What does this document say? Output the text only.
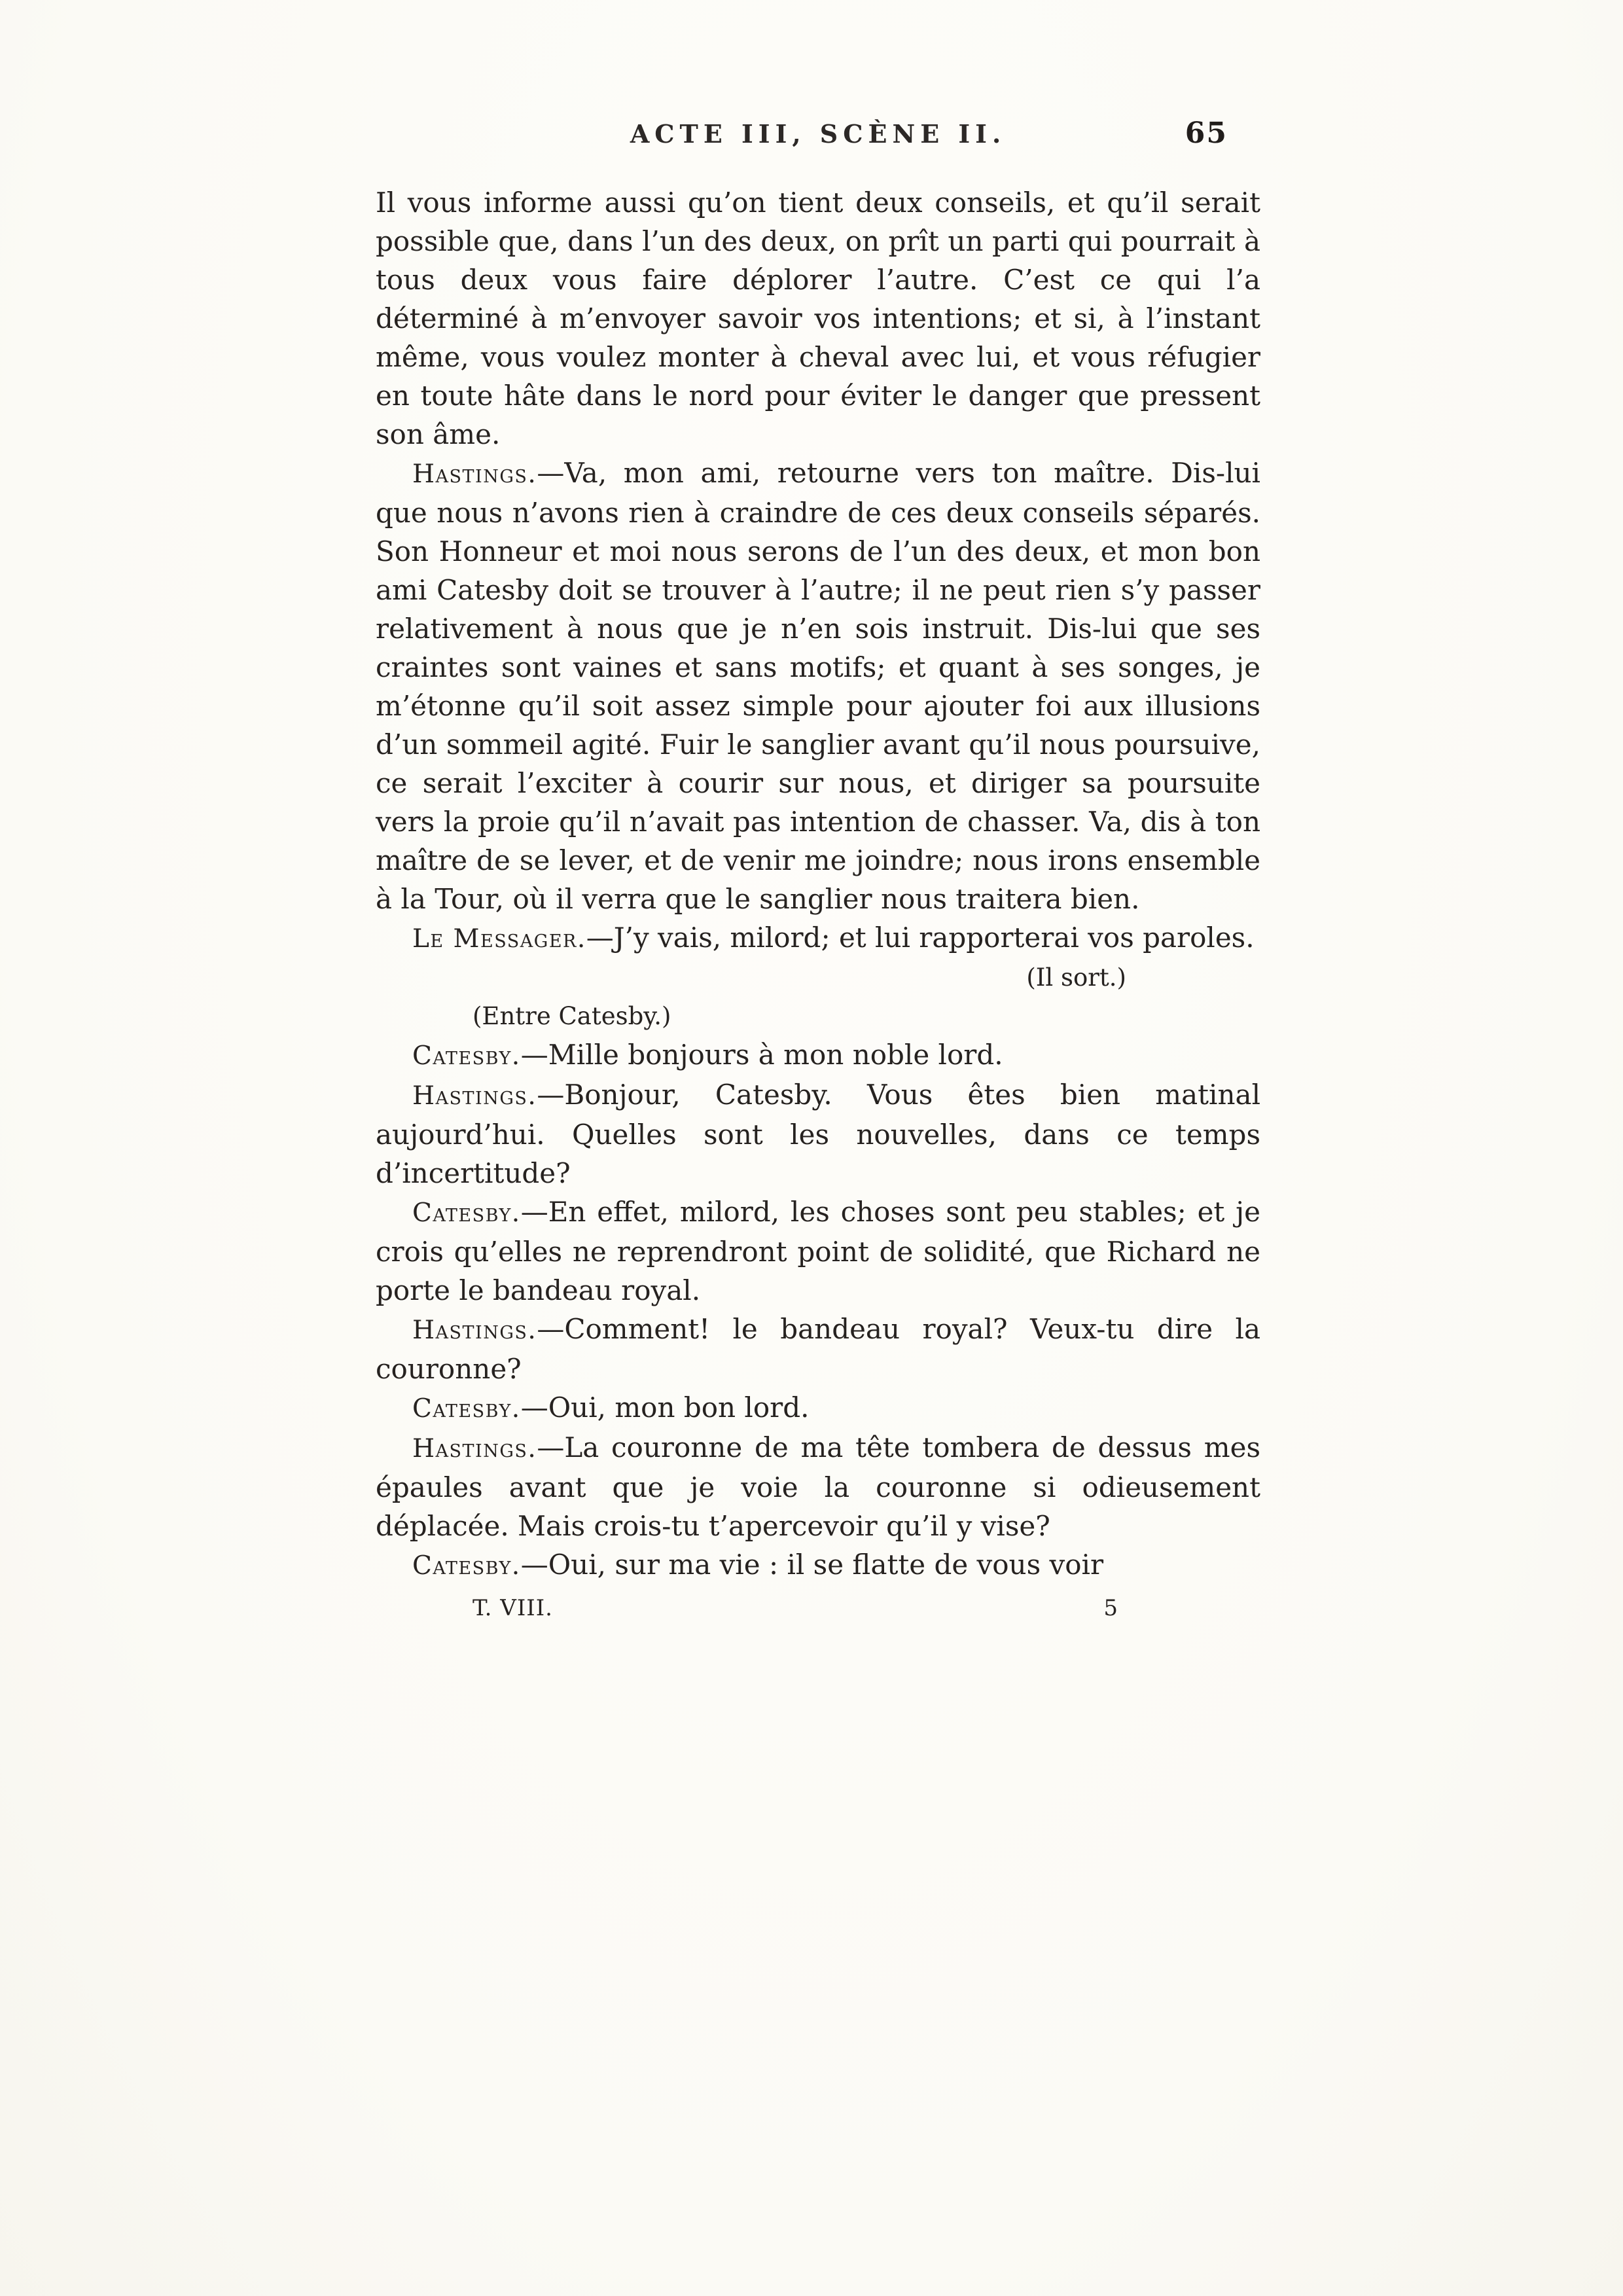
ACTE III, SCÈNE II.	65

Il vous informe aussi qu’on tient deux conseils, et qu’il serait possible que, dans l’un des deux, on prît un parti qui pourrait à tous deux vous faire déplorer l’autre. C’est ce qui l’a déterminé à m’envoyer savoir vos intentions; et si, à l’instant même, vous voulez monter à cheval avec lui, et vous réfugier en toute hâte dans le nord pour éviter le danger que pressent son âme.

Hastings.—Va, mon ami, retourne vers ton maître. Dis-lui que nous n’avons rien à craindre de ces deux conseils séparés. Son Honneur et moi nous serons de l’un des deux, et mon bon ami Catesby doit se trouver à l’autre; il ne peut rien s’y passer relativement à nous que je n’en sois instruit. Dis-lui que ses craintes sont vaines et sans motifs; et quant à ses songes, je m’étonne qu’il soit assez simple pour ajouter foi aux illusions d’un sommeil agité. Fuir le sanglier avant qu’il nous poursuive, ce serait l’exciter à courir sur nous, et diriger sa poursuite vers la proie qu’il n’avait pas intention de chasser. Va, dis à ton maître de se lever, et de venir me joindre; nous irons ensemble à la Tour, où il verra que le sanglier nous traitera bien.

Le Messager.—J’y vais, milord; et lui rapporterai vos paroles.

(Il sort.)

(Entre Catesby.)

Catesby.—Mille bonjours à mon noble lord.

Hastings.—Bonjour, Catesby. Vous êtes bien matinal aujourd’hui. Quelles sont les nouvelles, dans ce temps d’incertitude?

Catesby.—En effet, milord, les choses sont peu stables; et je crois qu’elles ne reprendront point de solidité, que Richard ne porte le bandeau royal.

Hastings.—Comment! le bandeau royal? Veux-tu dire la couronne?

Catesby.—Oui, mon bon lord.

Hastings.—La couronne de ma tête tombera de dessus mes épaules avant que je voie la couronne si odieusement déplacée. Mais crois-tu t’apercevoir qu’il y vise?

Catesby.—Oui, sur ma vie : il se flatte de vous voir

T. VIII.	5
